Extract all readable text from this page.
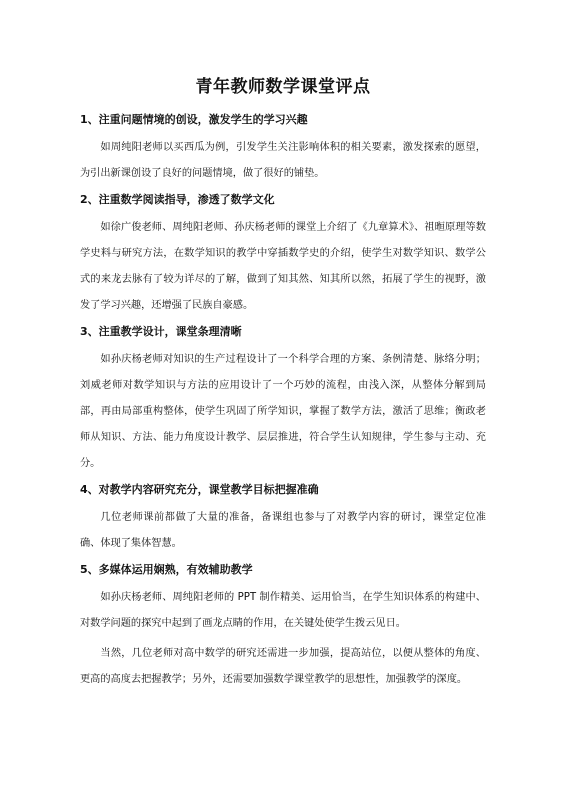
青年教师数学课堂评点
1、注重问题情境的创设，激发学生的学习兴趣

如周纯阳老师以买西瓜为例，引发学生关注影响体积的相关要素，激发探索的愿望，为引出新课创设了良好的问题情境，做了很好的铺垫。

2、注重数学阅读指导，渗透了数学文化

如徐广俊老师、周纯阳老师、孙庆杨老师的课堂上介绍了《九章算术》、祖暅原理等数学史料与研究方法，在数学知识的教学中穿插数学史的介绍，使学生对数学知识、数学公式的来龙去脉有了较为详尽的了解，做到了知其然、知其所以然，拓展了学生的视野，激发了学习兴趣，还增强了民族自豪感。

3、注重教学设计，课堂条理清晰

如孙庆杨老师对知识的生产过程设计了一个科学合理的方案、条例清楚、脉络分明；刘威老师对数学知识与方法的应用设计了一个巧妙的流程，由浅入深，从整体分解到局部，再由局部重构整体，使学生巩固了所学知识，掌握了数学方法，激活了思维；衡政老师从知识、方法、能力角度设计教学、层层推进，符合学生认知规律，学生参与主动、充分。

4、对教学内容研究充分，课堂教学目标把握准确

几位老师课前都做了大量的准备，备课组也参与了对教学内容的研讨，课堂定位准确、体现了集体智慧。

5、多媒体运用娴熟，有效辅助教学

如孙庆杨老师、周纯阳老师的 PPT 制作精美、运用恰当，在学生知识体系的构建中、对数学问题的探究中起到了画龙点睛的作用，在关键处使学生拨云见日。

当然，几位老师对高中数学的研究还需进一步加强，提高站位，以便从整体的角度、更高的高度去把握教学；另外，还需要加强数学课堂教学的思想性，加强教学的深度。
